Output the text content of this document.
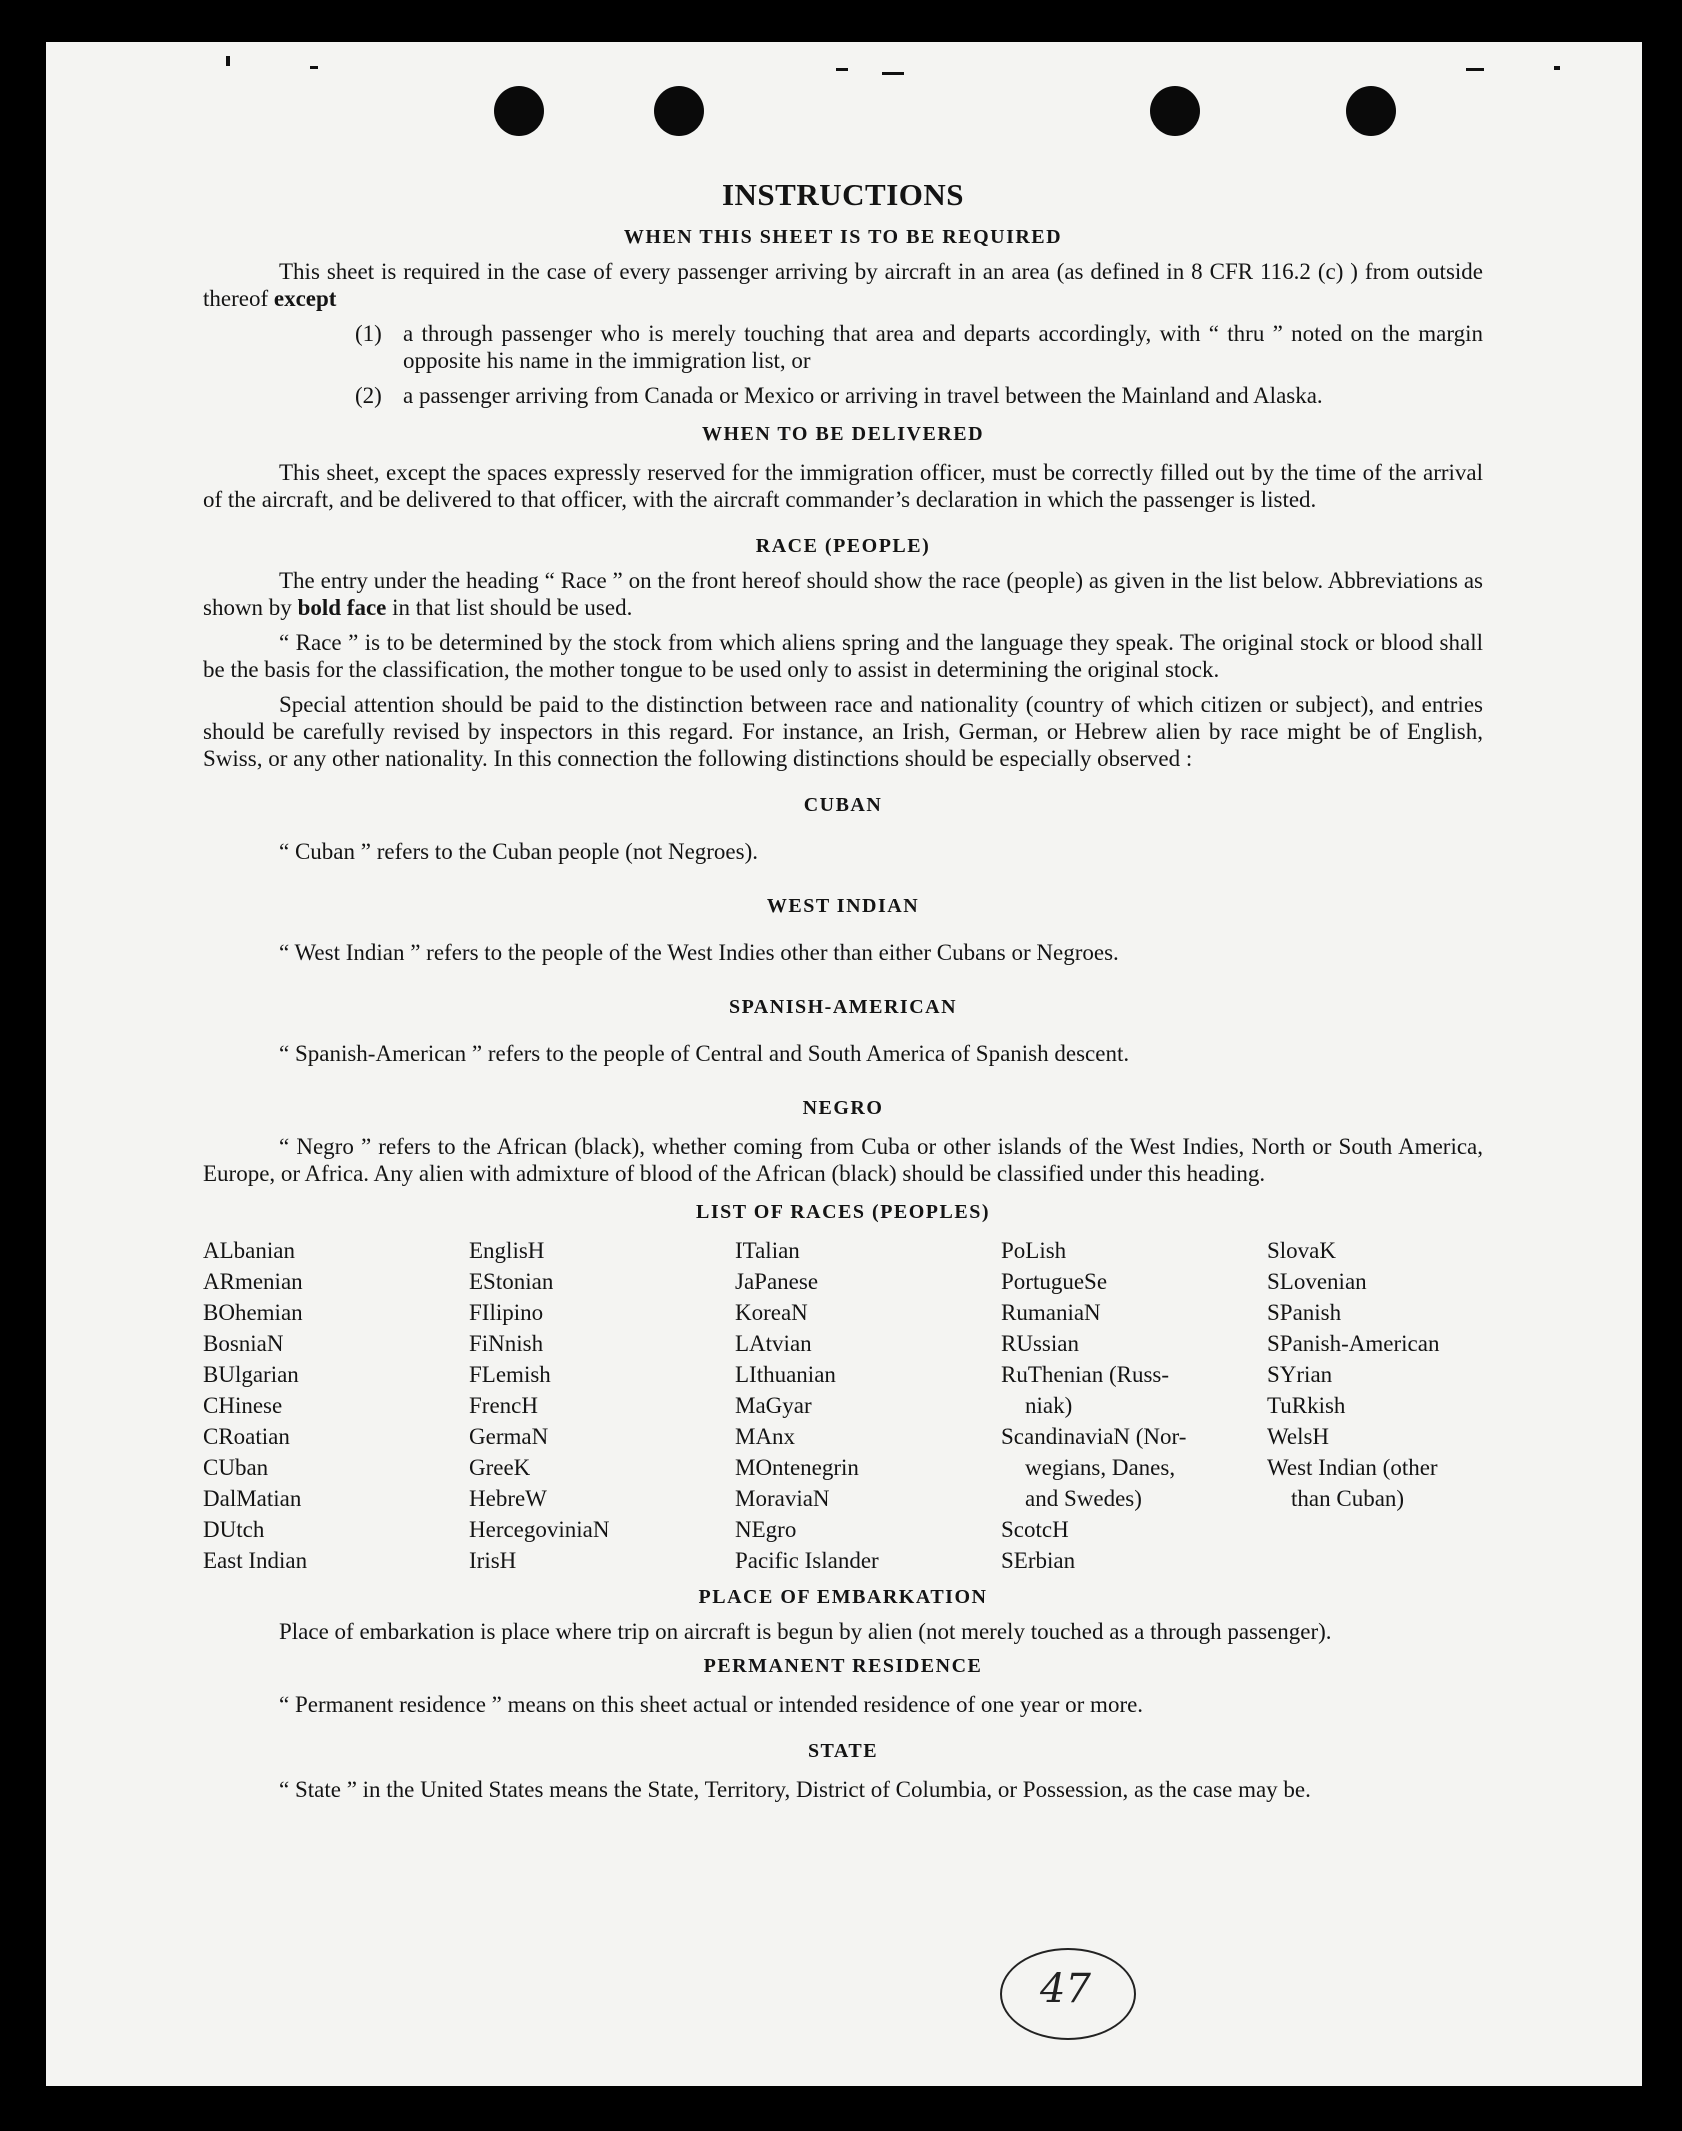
INSTRUCTIONS
WHEN THIS SHEET IS TO BE REQUIRED

This sheet is required in the case of every passenger arriving by aircraft in an area (as defined in 8 CFR 116.2 (c) ) from outside thereof except

(1) a through passenger who is merely touching that area and departs accordingly, with “ thru ” noted on the margin opposite his name in the immigration list, or
(2) a passenger arriving from Canada or Mexico or arriving in travel between the Mainland and Alaska.
WHEN TO BE DELIVERED

This sheet, except the spaces expressly reserved for the immigration officer, must be correctly filled out by the time of the arrival of the aircraft, and be delivered to that officer, with the aircraft commander’s declaration in which the passenger is listed.

RACE (PEOPLE)

The entry under the heading “ Race ” on the front hereof should show the race (people) as given in the list below. Abbreviations as shown by bold face in that list should be used.

“ Race ” is to be determined by the stock from which aliens spring and the language they speak. The original stock or blood shall be the basis for the classification, the mother tongue to be used only to assist in determining the original stock.

Special attention should be paid to the distinction between race and nationality (country of which citizen or subject), and entries should be carefully revised by inspectors in this regard. For instance, an Irish, German, or Hebrew alien by race might be of English, Swiss, or any other nationality. In this connection the following distinctions should be especially observed :

CUBAN

“ Cuban ” refers to the Cuban people (not Negroes).

WEST INDIAN

“ West Indian ” refers to the people of the West Indies other than either Cubans or Negroes.

SPANISH-AMERICAN

“ Spanish-American ” refers to the people of Central and South America of Spanish descent.

NEGRO

“ Negro ” refers to the African (black), whether coming from Cuba or other islands of the West Indies, North or South America, Europe, or Africa. Any alien with admixture of blood of the African (black) should be classified under this heading.

LIST OF RACES (PEOPLES)
ALbanian
ARmenian
BOhemian
BosniaN
BUlgarian
CHinese
CRoatian
CUban
DalMatian
DUtch
East Indian
EnglisH
EStonian
FIlipino
FiNnish
FLemish
FrencH
GermaN
GreeK
HebreW
HercegoviniaN
IrisH
ITalian
JaPanese
KoreaN
LAtvian
LIthuanian
MaGyar
MAnx
MOntenegrin
MoraviaN
NEgro
Pacific Islander
PoLish
PortugueSe
RumaniaN
RUssian
RuThenian (Russ-
niak)
ScandinaviaN (Nor-
wegians, Danes,
and Swedes)
ScotcH
SErbian
SlovaK
SLovenian
SPanish
SPanish-American
SYrian
TuRkish
WelsH
West Indian (other
than Cuban)
PLACE OF EMBARKATION

Place of embarkation is place where trip on aircraft is begun by alien (not merely touched as a through passenger).

PERMANENT RESIDENCE

“ Permanent residence ” means on this sheet actual or intended residence of one year or more.

STATE

“ State ” in the United States means the State, Territory, District of Columbia, or Possession, as the case may be.

47
